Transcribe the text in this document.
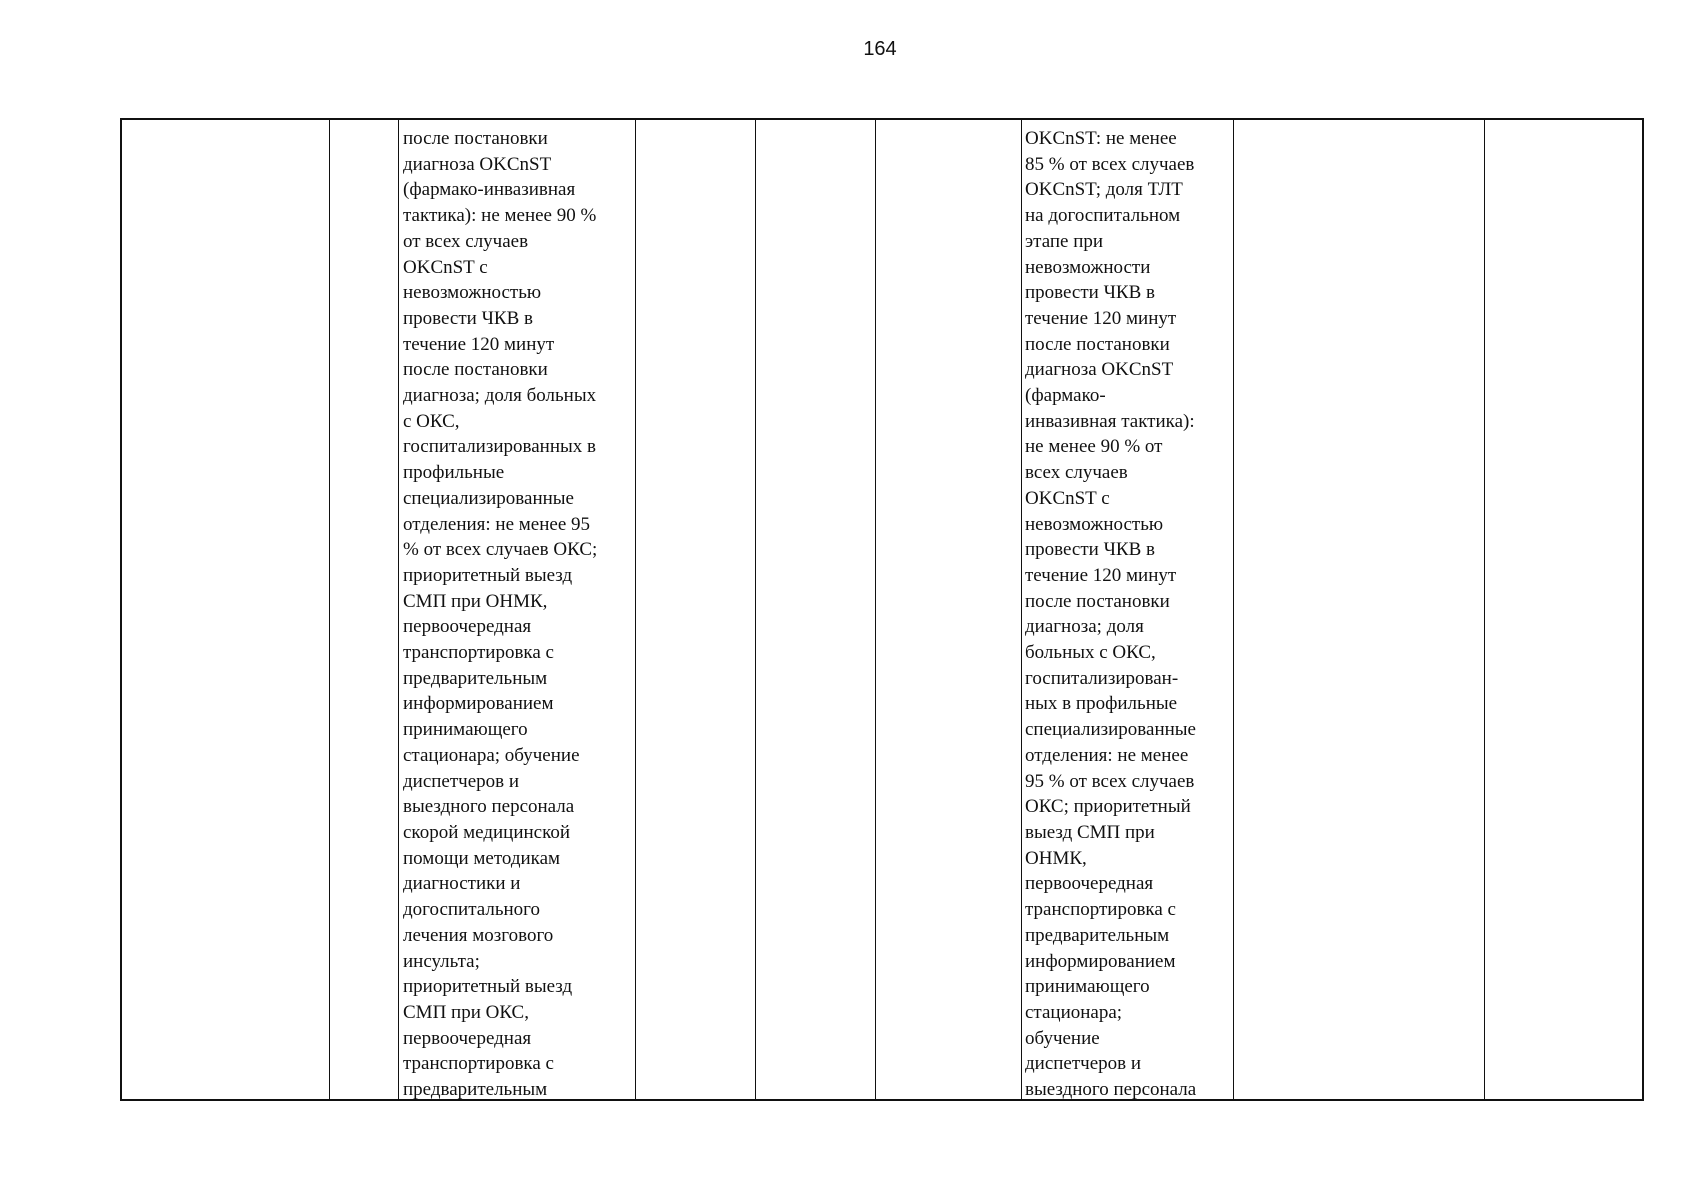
164
после постановки
диагноза OKCnST
(фармако-инвазивная
тактика): не менее 90 %
от всех случаев
OKCnST с
невозможностью
провести ЧКВ в
течение 120 минут
после постановки
диагноза; доля больных
с ОКС,
госпитализированных в
профильные
специализированные
отделения: не менее 95
% от всех случаев ОКС;
приоритетный выезд
СМП при ОНМК,
первоочередная
транспортировка с
предварительным
информированием
принимающего
стационара; обучение
диспетчеров и
выездного персонала
скорой медицинской
помощи методикам
диагностики и
догоспитального
лечения мозгового
инсульта;
приоритетный выезд
СМП при ОКС,
первоочередная
транспортировка с
предварительным
OKCnST: не менее
85 % от всех случаев
OKCnST; доля ТЛТ
на догоспитальном
этапе при
невозможности
провести ЧКВ в
течение 120 минут
после постановки
диагноза OKCnST
(фармако-
инвазивная тактика):
не менее 90 % от
всех случаев
OKCnST с
невозможностью
провести ЧКВ в
течение 120 минут
после постановки
диагноза; доля
больных с ОКС,
госпитализирован-
ных в профильные
специализированные
отделения: не менее
95 % от всех случаев
ОКС; приоритетный
выезд СМП при
ОНМК,
первоочередная
транспортировка с
предварительным
информированием
принимающего
стационара;
обучение
диспетчеров и
выездного персонала
